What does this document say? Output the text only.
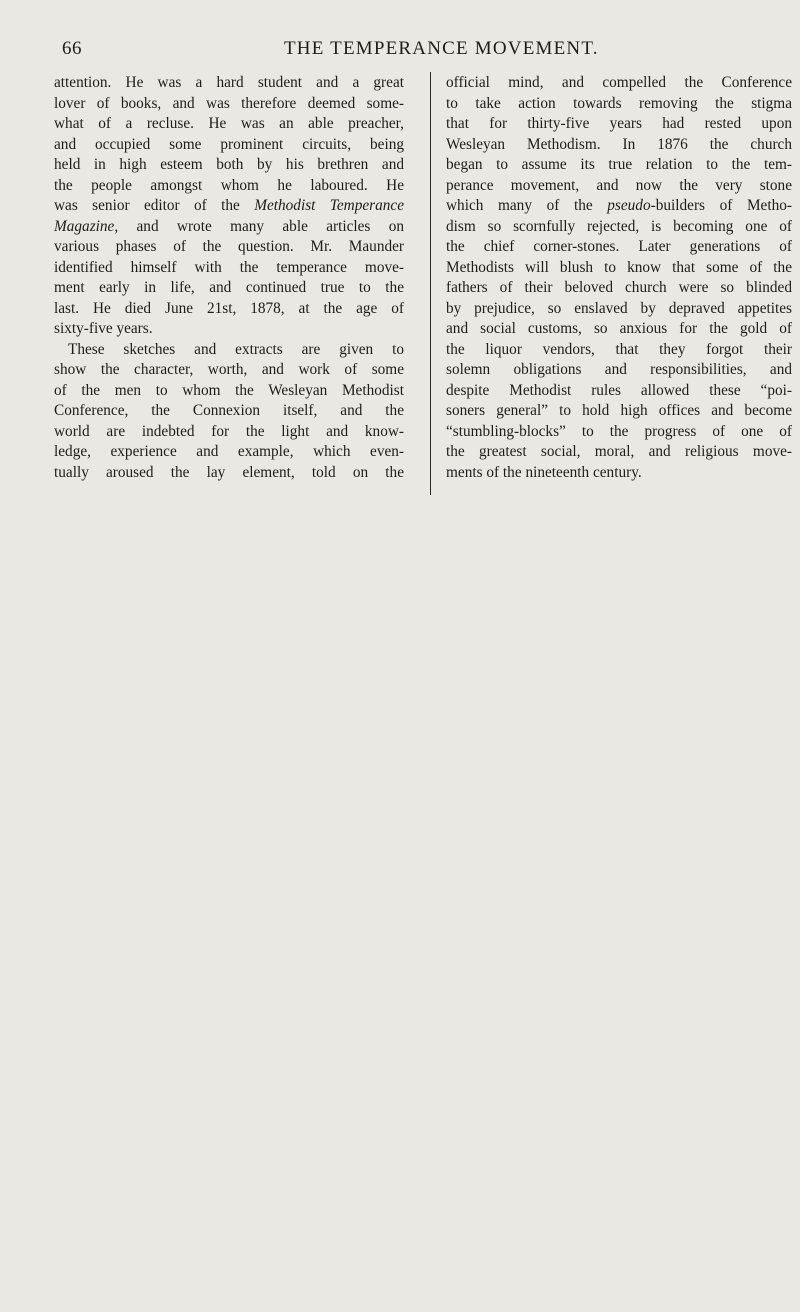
66	THE TEMPERANCE MOVEMENT.
attention. He was a hard student and a great
lover of books, and was therefore deemed some-
what of a recluse. He was an able preacher,
and occupied some prominent circuits, being
held in high esteem both by his brethren and
the people amongst whom he laboured. He
was senior editor of the Methodist Temperance
Magazine, and wrote many able articles on
various phases of the question. Mr. Maunder
identified himself with the temperance move-
ment early in life, and continued true to the
last. He died June 21st, 1878, at the age of
sixty-five years.
These sketches and extracts are given to
show the character, worth, and work of some
of the men to whom the Wesleyan Methodist
Conference, the Connexion itself, and the
world are indebted for the light and know-
ledge, experience and example, which even-
tually aroused the lay element, told on the
official mind, and compelled the Conference
to take action towards removing the stigma
that for thirty-five years had rested upon
Wesleyan Methodism. In 1876 the church
began to assume its true relation to the tem-
perance movement, and now the very stone
which many of the pseudo-builders of Metho-
dism so scornfully rejected, is becoming one of
the chief corner-stones. Later generations of
Methodists will blush to know that some of the
fathers of their beloved church were so blinded
by prejudice, so enslaved by depraved appetites
and social customs, so anxious for the gold of
the liquor vendors, that they forgot their
solemn obligations and responsibilities, and
despite Methodist rules allowed these “poi-
soners general” to hold high offices and become
“stumbling-blocks” to the progress of one of
the greatest social, moral, and religious move-
ments of the nineteenth century.
